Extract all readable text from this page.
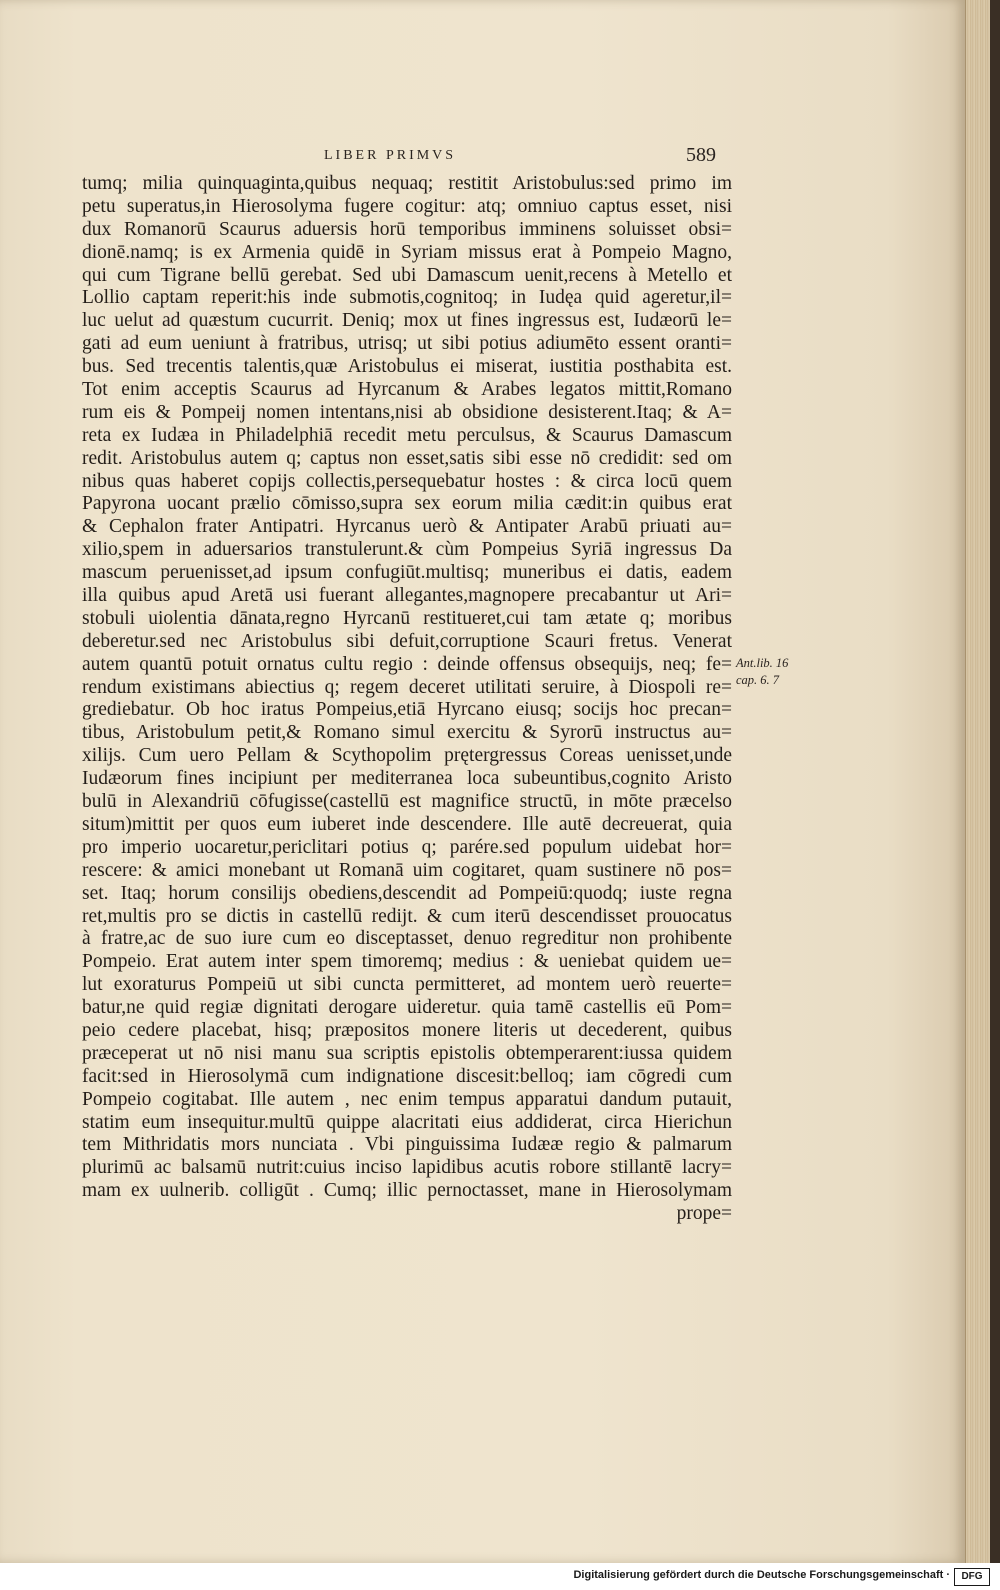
LIBER PRIMVS	589
tumq; milia quinquaginta,quibus nequaq; restitit Aristobulus:sed primo im
petu superatus,in Hierosolyma fugere cogitur: atq; omniuo captus esset, nisi
dux Romanorū Scaurus aduersis horū temporibus imminens soluisset obsi=
dionē.namq; is ex Armenia quidē in Syriam missus erat à Pompeio Magno,
qui cum Tigrane bellū gerebat. Sed ubi Damascum uenit,recens à Metello et
Lollio captam reperit:his inde submotis,cognitoq; in Iudęa quid ageretur,il=
luc uelut ad quæstum cucurrit. Deniq; mox ut fines ingressus est, Iudæorū le=
gati ad eum ueniunt à fratribus, utrisq; ut sibi potius adiumēto essent oranti=
bus. Sed trecentis talentis,quæ Aristobulus ei miserat, iustitia posthabita est.
Tot enim acceptis Scaurus ad Hyrcanum & Arabes legatos mittit,Romano
rum eis & Pompeij nomen intentans,nisi ab obsidione desisterent.Itaq; & A=
reta ex Iudæa in Philadelphiā recedit metu perculsus, & Scaurus Damascum
redit. Aristobulus autem q; captus non esset,satis sibi esse nō credidit: sed om
nibus quas haberet copijs collectis,persequebatur hostes : & circa locū quem
Papyrona uocant prælio cōmisso,supra sex eorum milia cædit:in quibus erat
& Cephalon frater Antipatri. Hyrcanus uerò & Antipater Arabū priuati au=
xilio,spem in aduersarios transtulerunt.& cùm Pompeius Syriā ingressus Da
mascum peruenisset,ad ipsum confugiūt.multisq; muneribus ei datis, eadem
illa quibus apud Aretā usi fuerant allegantes,magnopere precabantur ut Ari=
stobuli uiolentia dānata,regno Hyrcanū restitueret,cui tam ætate q; moribus
deberetur.sed nec Aristobulus sibi defuit,corruptione Scauri fretus. Venerat
autem quantū potuit ornatus cultu regio : deinde offensus obsequijs, neq; fe=
rendum existimans abiectius q; regem deceret utilitati seruire, à Diospoli re=
grediebatur. Ob hoc iratus Pompeius,etiā Hyrcano eiusq; socijs hoc precan=
tibus, Aristobulum petit,& Romano simul exercitu & Syrorū instructus au=
xilijs. Cum uero Pellam & Scythopolim prętergressus Coreas uenisset,unde
Iudæorum fines incipiunt per mediterranea loca subeuntibus,cognito Aristo
bulū in Alexandriū cōfugisse(castellū est magnifice structū, in mōte præcelso
situm)mittit per quos eum iuberet inde descendere. Ille autē decreuerat, quia
pro imperio uocaretur,periclitari potius q; parére.sed populum uidebat hor=
rescere: & amici monebant ut Romanā uim cogitaret, quam sustinere nō pos=
set. Itaq; horum consilijs obediens,descendit ad Pompeiū:quodq; iuste regna
ret,multis pro se dictis in castellū redijt. & cum iterū descendisset prouocatus
à fratre,ac de suo iure cum eo disceptasset, denuo regreditur non prohibente
Pompeio. Erat autem inter spem timoremq; medius : & ueniebat quidem ue=
lut exoraturus Pompeiū ut sibi cuncta permitteret, ad montem uerò reuerte=
batur,ne quid regiæ dignitati derogare uideretur. quia tamē castellis eū Pom=
peio cedere placebat, hisq; præpositos monere literis ut decederent, quibus
præceperat ut nō nisi manu sua scriptis epistolis obtemperarent:iussa quidem
facit:sed in Hierosolymā cum indignatione discesit:belloq; iam cōgredi cum
Pompeio cogitabat. Ille autem , nec enim tempus apparatui dandum putauit,
statim eum insequitur.multū quippe alacritati eius addiderat, circa Hierichun
tem Mithridatis mors nunciata . Vbi pinguissima Iudææ regio & palmarum
plurimū ac balsamū nutrit:cuius inciso lapidibus acutis robore stillantē lacry=
mam ex uulnerib. colligūt . Cumq; illic pernoctasset, mane in Hierosolymam
prope=
Ant.lib. 16
cap. 6. 7
Digitalisierung gefördert durch die Deutsche Forschungsgemeinschaft ·	DFG
